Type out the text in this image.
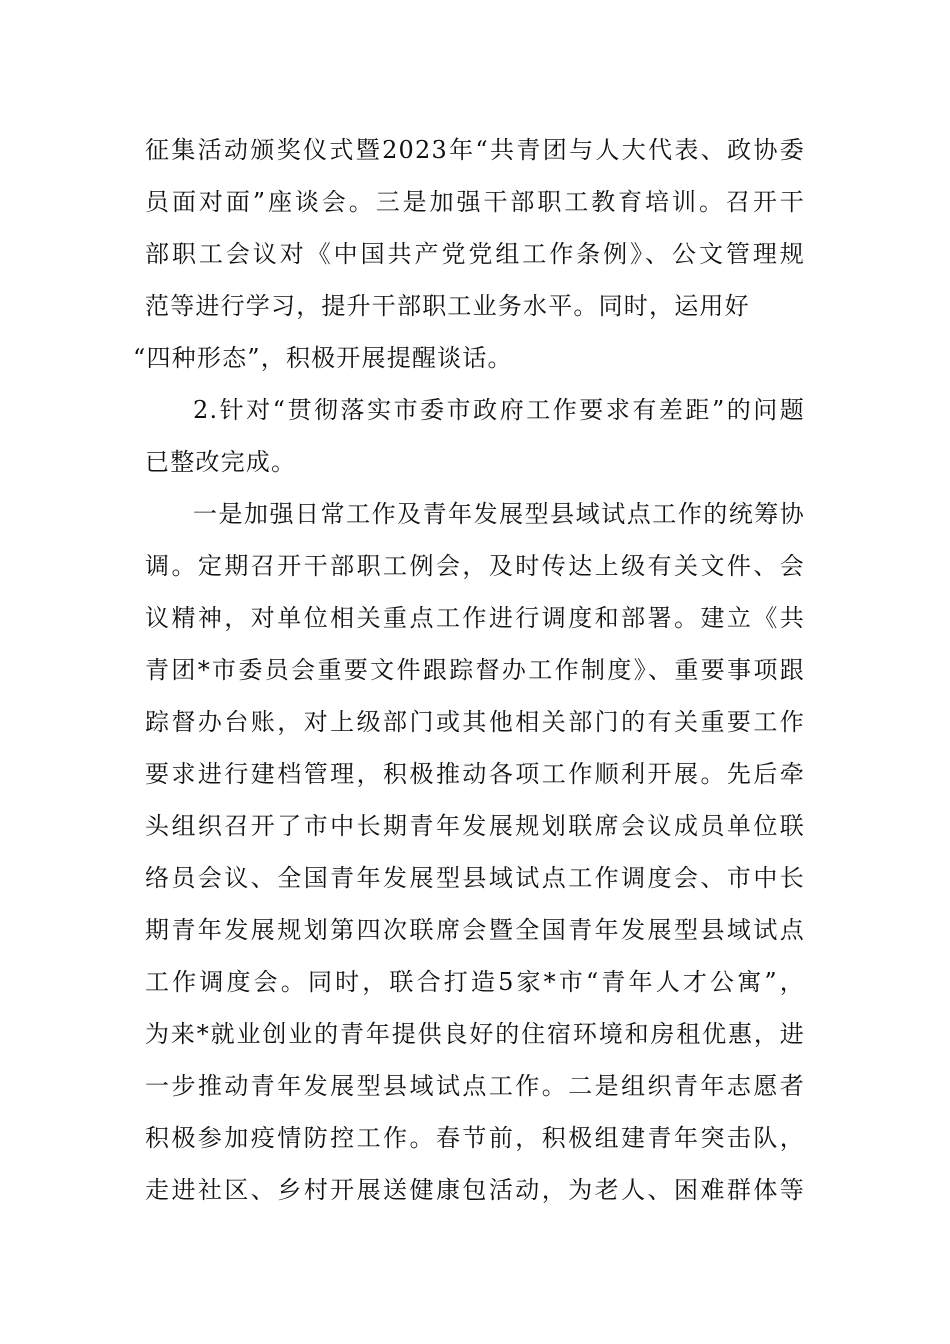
征集活动颁奖仪式暨2023年“共青团与人大代表、政协委
员面对面”座谈会。三是加强干部职工教育培训。召开干
部职工会议对《中国共产党党组工作条例》、公文管理规
范等进行学习，提升干部职工业务水平。同时，运用好
“四种形态”，积极开展提醒谈话。
2.针对“贯彻落实市委市政府工作要求有差距”的问题
已整改完成。
一是加强日常工作及青年发展型县域试点工作的统筹协
调。定期召开干部职工例会，及时传达上级有关文件、会
议精神，对单位相关重点工作进行调度和部署。建立《共
青团*市委员会重要文件跟踪督办工作制度》、重要事项跟
踪督办台账，对上级部门或其他相关部门的有关重要工作
要求进行建档管理，积极推动各项工作顺利开展。先后牵
头组织召开了市中长期青年发展规划联席会议成员单位联
络员会议、全国青年发展型县域试点工作调度会、市中长
期青年发展规划第四次联席会暨全国青年发展型县域试点
工作调度会。同时，联合打造5家*市“青年人才公寓”，
为来*就业创业的青年提供良好的住宿环境和房租优惠，进
一步推动青年发展型县域试点工作。二是组织青年志愿者
积极参加疫情防控工作。春节前，积极组建青年突击队，
走进社区、乡村开展送健康包活动，为老人、困难群体等
